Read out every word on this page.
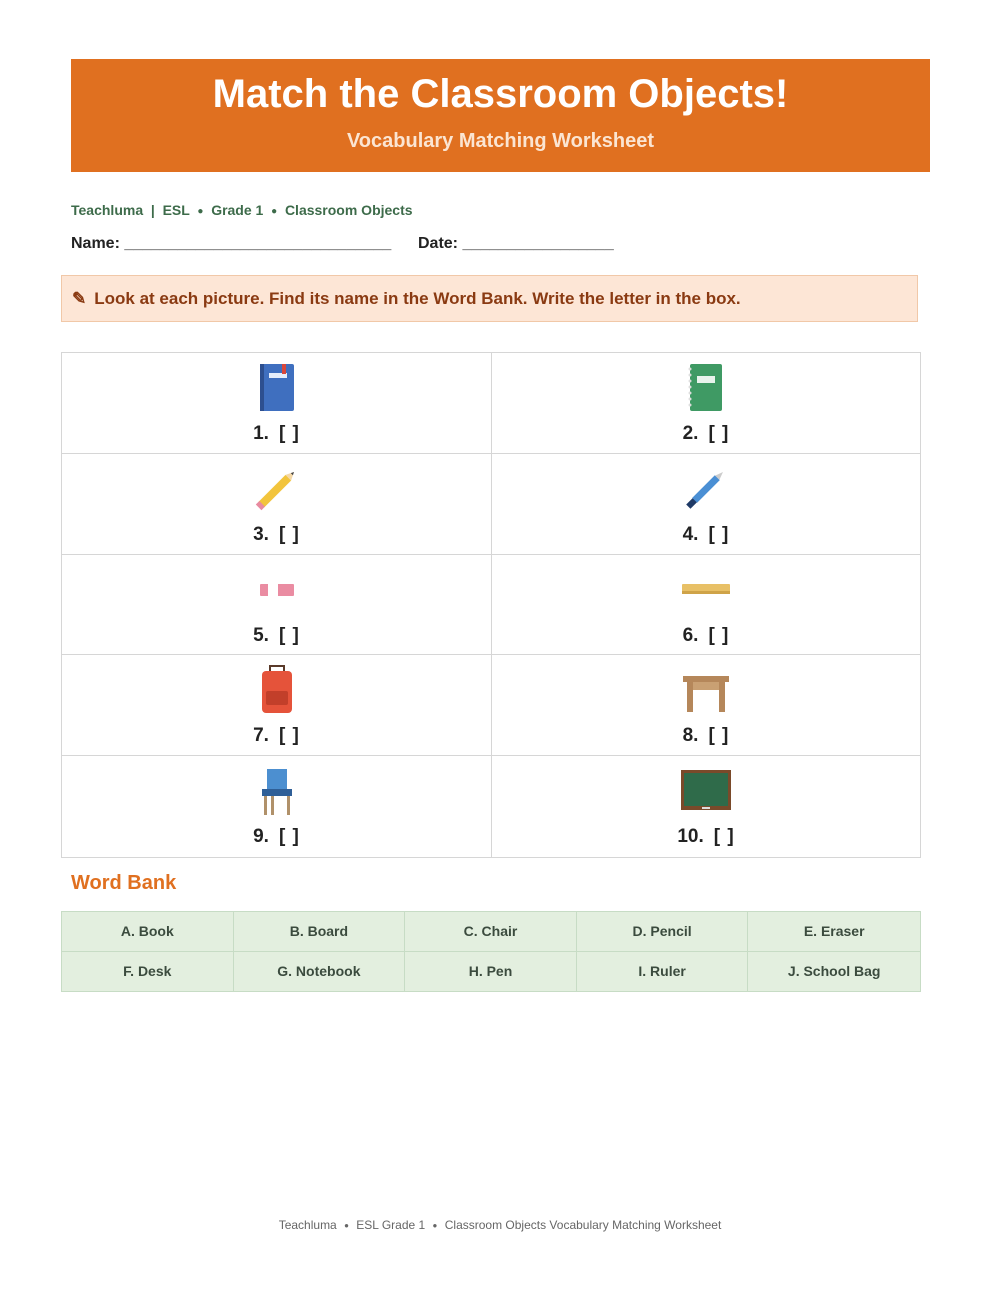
Match the Classroom Objects!
Vocabulary Matching Worksheet
Teachluma | ESL ● Grade 1 ● Classroom Objects
Name: ______________________________ Date: _________________
✎ Look at each picture. Find its name in the Word Bank. Write the letter in the box.
1. [ ]	2. [ ]
3. [ ]	4. [ ]
5. [ ]	6. [ ]
7. [ ]	8. [ ]
9. [ ]	10. [ ]
Word Bank
A. Book	B. Board	C. Chair	D. Pencil	E. Eraser
F. Desk	G. Notebook	H. Pen	I. Ruler	J. School Bag
Teachluma ● ESL Grade 1 ● Classroom Objects Vocabulary Matching Worksheet
